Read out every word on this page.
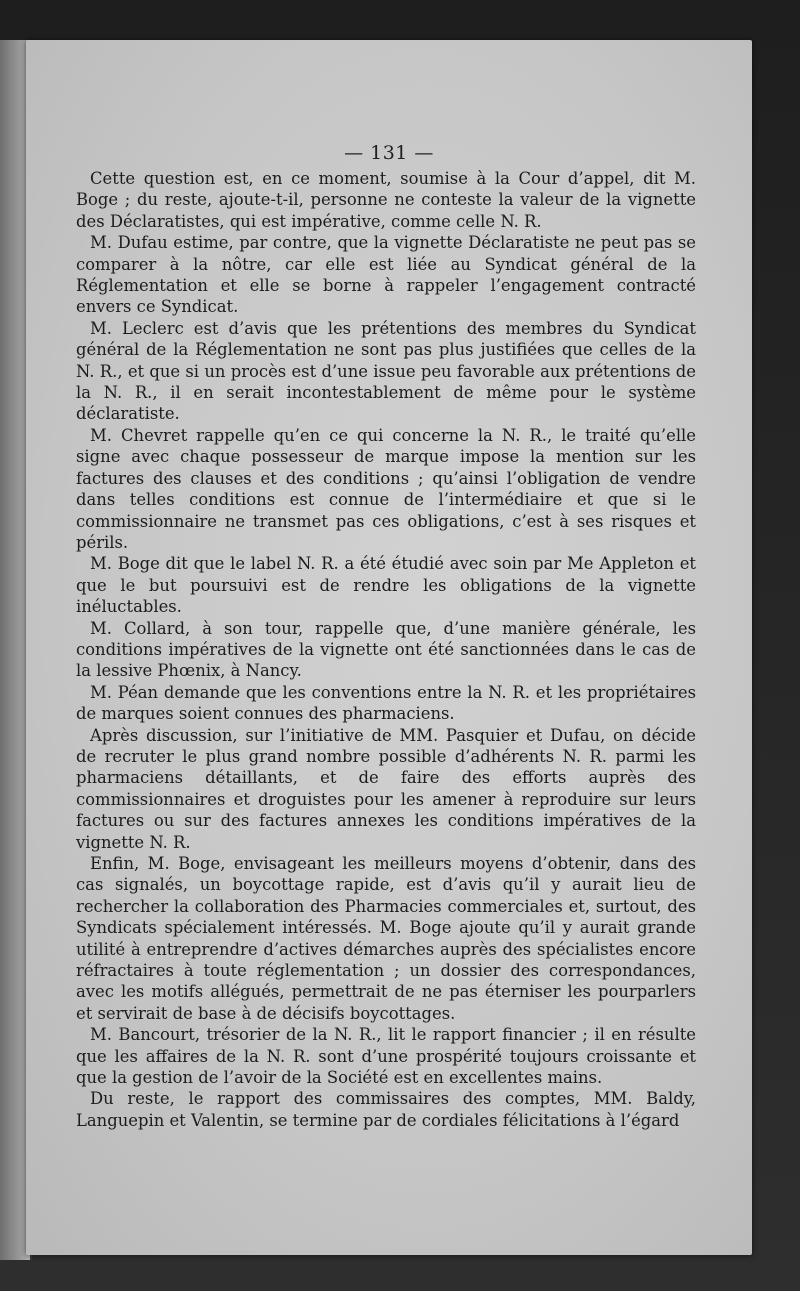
— 131 —

Cette question est, en ce moment, soumise à la Cour d’appel, dit M. Boge ; du reste, ajoute-t-il, personne ne conteste la valeur de la vignette des Déclaratistes, qui est impérative, comme celle N. R.

M. Dufau estime, par contre, que la vignette Déclaratiste ne peut pas se comparer à la nôtre, car elle est liée au Syndicat général de la Réglementation et elle se borne à rappeler l’engagement contracté envers ce Syndicat.

M. Leclerc est d’avis que les prétentions des membres du Syndicat général de la Réglementation ne sont pas plus justifiées que celles de la N. R., et que si un procès est d’une issue peu favorable aux prétentions de la N. R., il en serait incontestablement de même pour le système déclaratiste.

M. Chevret rappelle qu’en ce qui concerne la N. R., le traité qu’elle signe avec chaque possesseur de marque impose la mention sur les factures des clauses et des conditions ; qu’ainsi l’obligation de vendre dans telles conditions est connue de l’intermédiaire et que si le commissionnaire ne transmet pas ces obligations, c’est à ses risques et périls.

M. Boge dit que le label N. R. a été étudié avec soin par Me Appleton et que le but poursuivi est de rendre les obligations de la vignette inéluctables.

M. Collard, à son tour, rappelle que, d’une manière générale, les conditions impératives de la vignette ont été sanctionnées dans le cas de la lessive Phœnix, à Nancy.

M. Péan demande que les conventions entre la N. R. et les propriétaires de marques soient connues des pharmaciens.

Après discussion, sur l’initiative de MM. Pasquier et Dufau, on décide de recruter le plus grand nombre possible d’adhérents N. R. parmi les pharmaciens détaillants, et de faire des efforts auprès des commissionnaires et droguistes pour les amener à reproduire sur leurs factures ou sur des factures annexes les conditions impératives de la vignette N. R.

Enfin, M. Boge, envisageant les meilleurs moyens d’obtenir, dans des cas signalés, un boycottage rapide, est d’avis qu’il y aurait lieu de rechercher la collaboration des Pharmacies commerciales et, surtout, des Syndicats spécialement intéressés. M. Boge ajoute qu’il y aurait grande utilité à entreprendre d’actives démarches auprès des spécialistes encore réfractaires à toute réglementation ; un dossier des correspondances, avec les motifs allégués, permettrait de ne pas éterniser les pourparlers et servirait de base à de décisifs boycottages.

M. Bancourt, trésorier de la N. R., lit le rapport financier ; il en résulte que les affaires de la N. R. sont d’une prospérité toujours croissante et que la gestion de l’avoir de la Société est en excellentes mains.

Du reste, le rapport des commissaires des comptes, MM. Baldy, Languepin et Valentin, se termine par de cordiales félicitations à l’égard
